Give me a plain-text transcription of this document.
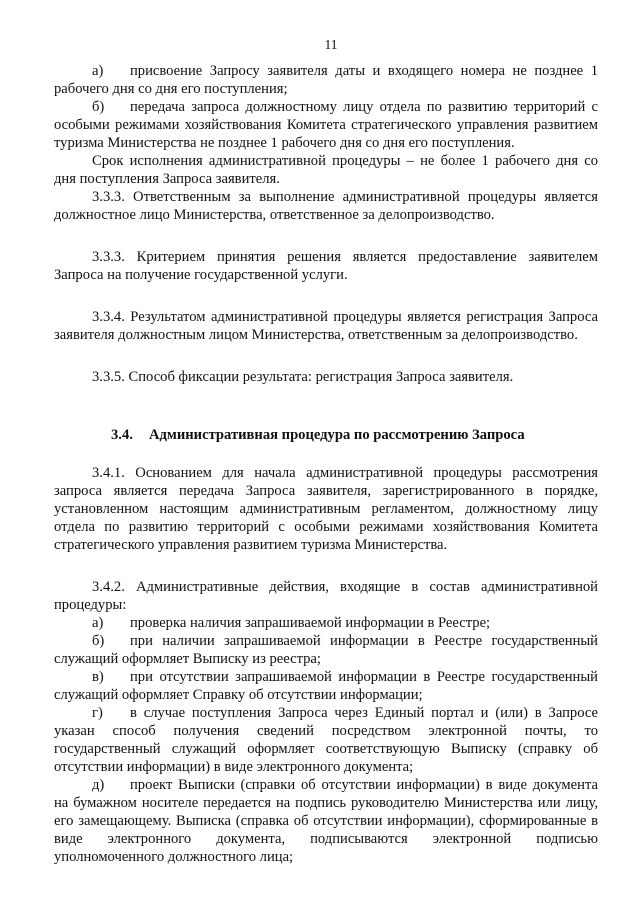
11

а) присвоение Запросу заявителя даты и входящего номера не позднее 1 рабочего дня со дня его поступления;

б) передача запроса должностному лицу отдела по развитию территорий с особыми режимами хозяйствования Комитета стратегического управления развитием туризма Министерства не позднее 1 рабочего дня со дня его поступления.

Срок исполнения административной процедуры – не более 1 рабочего дня со дня поступления Запроса заявителя.

3.3.3. Ответственным за выполнение административной процедуры является должностное лицо Министерства, ответственное за делопроизводство.

3.3.3. Критерием принятия решения является предоставление заявителем Запроса на получение государственной услуги.

3.3.4. Результатом административной процедуры является регистрация Запроса заявителя должностным лицом Министерства, ответственным за делопроизводство.

3.3.5. Способ фиксации результата: регистрация Запроса заявителя.

3.4. Административная процедура по рассмотрению Запроса

3.4.1. Основанием для начала административной процедуры рассмотрения запроса является передача Запроса заявителя, зарегистрированного в порядке, установленном настоящим административным регламентом, должностному лицу отдела по развитию территорий с особыми режимами хозяйствования Комитета стратегического управления развитием туризма Министерства.

3.4.2. Административные действия, входящие в состав административной процедуры:

а) проверка наличия запрашиваемой информации в Реестре;

б) при наличии запрашиваемой информации в Реестре государственный служащий оформляет Выписку из реестра;

в) при отсутствии запрашиваемой информации в Реестре государственный служащий оформляет Справку об отсутствии информации;

г) в случае поступления Запроса через Единый портал и (или) в Запросе указан способ получения сведений посредством электронной почты, то государственный служащий оформляет соответствующую Выписку (справку об отсутствии информации) в виде электронного документа;

д) проект Выписки (справки об отсутствии информации) в виде документа на бумажном носителе передается на подпись руководителю Министерства или лицу, его замещающему. Выписка (справка об отсутствии информации), сформированные в виде электронного документа, подписываются электронной подписью уполномоченного должностного лица;
